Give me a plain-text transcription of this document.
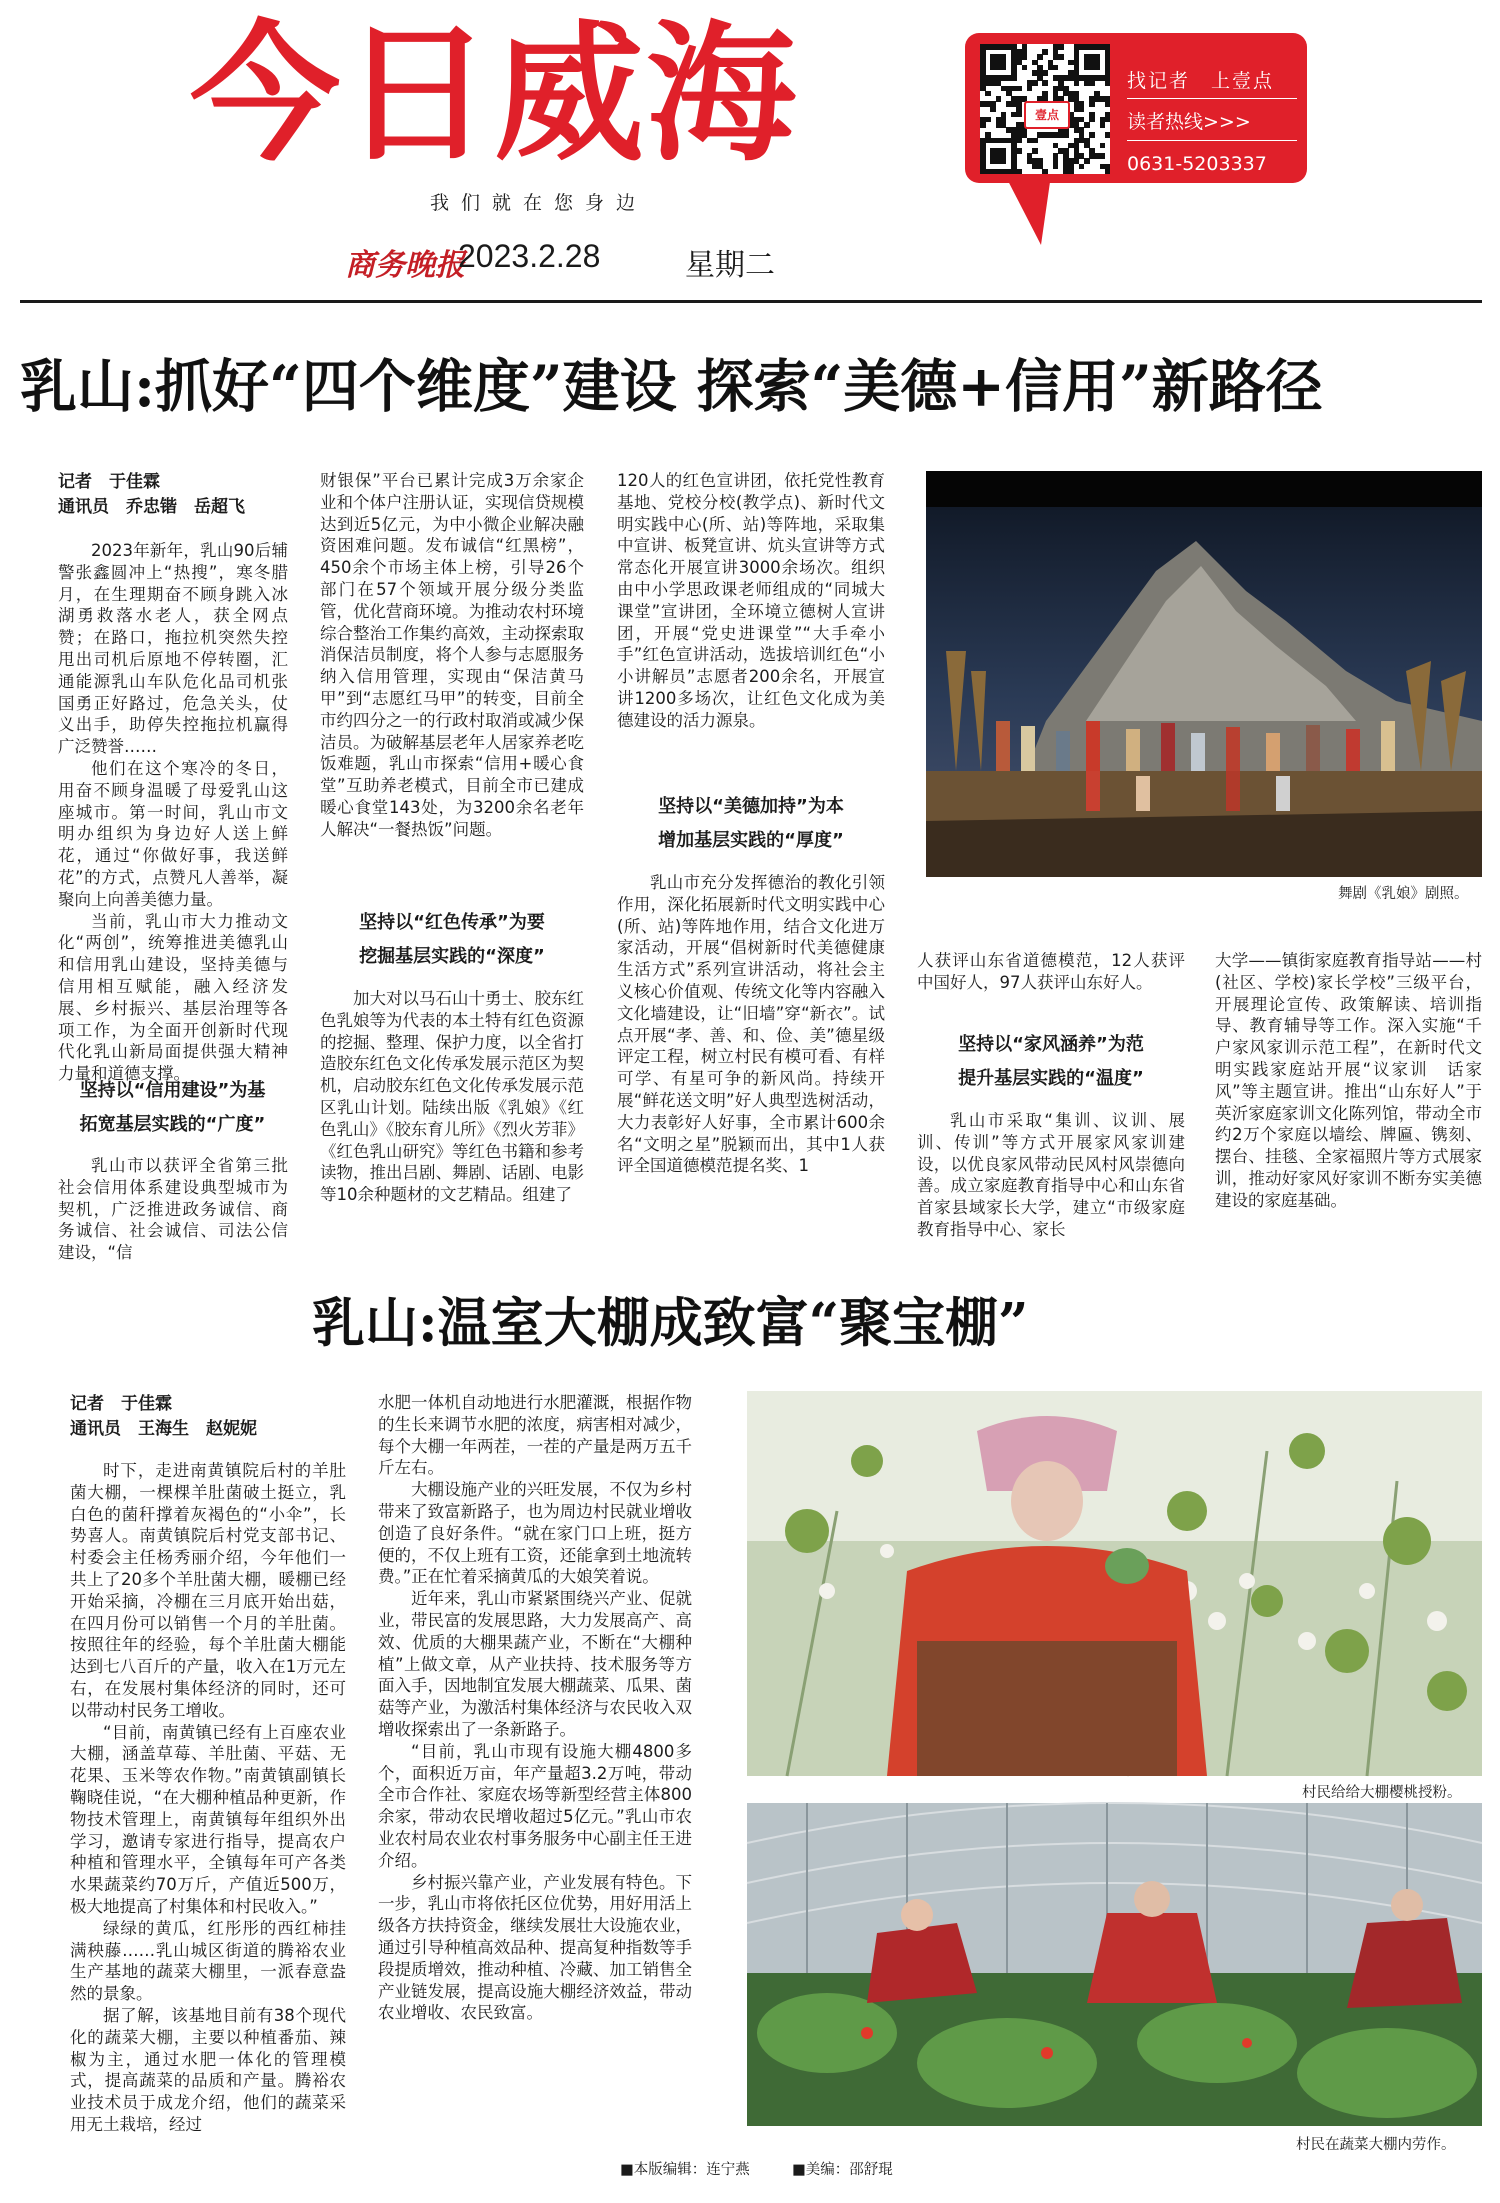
今日威海
我们就在您身边
商务晚报
2023.2.28	星期二
壹点
找记者　上壹点
读者热线>>>
0631-5203337
乳山:抓好“四个维度”建设 探索“美德+信用”新路径
记者　于佳霖
通讯员　乔忠锴　岳超飞

2023年新年，乳山90后辅警张鑫圆冲上“热搜”，寒冬腊月，在生理期奋不顾身跳入冰湖勇救落水老人，获全网点赞；在路口，拖拉机突然失控甩出司机后原地不停转圈，汇通能源乳山车队危化品司机张国勇正好路过，危急关头，仗义出手，助停失控拖拉机赢得广泛赞誉……

他们在这个寒冷的冬日，用奋不顾身温暖了母爱乳山这座城市。第一时间，乳山市文明办组织为身边好人送上鲜花，通过“你做好事，我送鲜花”的方式，点赞凡人善举，凝聚向上向善美德力量。

当前，乳山市大力推动文化“两创”，统筹推进美德乳山和信用乳山建设，坚持美德与信用相互赋能，融入经济发展、乡村振兴、基层治理等各项工作，为全面开创新时代现代化乳山新局面提供强大精神力量和道德支撑。

坚持以“信用建设”为基
拓宽基层实践的“广度”

乳山市以获评全省第三批社会信用体系建设典型城市为契机，广泛推进政务诚信、商务诚信、社会诚信、司法公信建设，“信

财银保”平台已累计完成3万余家企业和个体户注册认证，实现信贷规模达到近5亿元，为中小微企业解决融资困难问题。发布诚信“红黑榜”，450余个市场主体上榜，引导26个部门在57个领域开展分级分类监管，优化营商环境。为推动农村环境综合整治工作集约高效，主动探索取消保洁员制度，将个人参与志愿服务纳入信用管理，实现由“保洁黄马甲”到“志愿红马甲”的转变，目前全市约四分之一的行政村取消或减少保洁员。为破解基层老年人居家养老吃饭难题，乳山市探索“信用+暖心食堂”互助养老模式，目前全市已建成暖心食堂143处，为3200余名老年人解决“一餐热饭”问题。

坚持以“红色传承”为要
挖掘基层实践的“深度”

加大对以马石山十勇士、胶东红色乳娘等为代表的本土特有红色资源的挖掘、整理、保护力度，以全省打造胶东红色文化传承发展示范区为契机，启动胶东红色文化传承发展示范区乳山计划。陆续出版《乳娘》《红色乳山》《胶东育儿所》《烈火芳菲》《红色乳山研究》等红色书籍和参考读物，推出吕剧、舞剧、话剧、电影等10余种题材的文艺精品。组建了

120人的红色宣讲团，依托党性教育基地、党校分校(教学点)、新时代文明实践中心(所、站)等阵地，采取集中宣讲、板凳宣讲、炕头宣讲等方式常态化开展宣讲3000余场次。组织由中小学思政课老师组成的“同城大课堂”宣讲团，全环境立德树人宣讲团，开展“党史进课堂”“大手牵小手”红色宣讲活动，选拔培训红色“小小讲解员”志愿者200余名，开展宣讲1200多场次，让红色文化成为美德建设的活力源泉。

坚持以“美德加持”为本
增加基层实践的“厚度”

乳山市充分发挥德治的教化引领作用，深化拓展新时代文明实践中心(所、站)等阵地作用，结合文化进万家活动，开展“倡树新时代美德健康生活方式”系列宣讲活动，将社会主义核心价值观、传统文化等内容融入文化墙建设，让“旧墙”穿“新衣”。试点开展“孝、善、和、俭、美”德星级评定工程，树立村民有模可看、有样可学、有星可争的新风尚。持续开展“鲜花送文明”好人典型选树活动，大力表彰好人好事，全市累计600余名“文明之星”脱颖而出，其中1人获评全国道德模范提名奖、1

舞剧《乳娘》剧照。

人获评山东省道德模范，12人获评中国好人，97人获评山东好人。

坚持以“家风涵养”为范
提升基层实践的“温度”

乳山市采取“集训、议训、展训、传训”等方式开展家风家训建设，以优良家风带动民风村风崇德向善。成立家庭教育指导中心和山东省首家县域家长大学，建立“市级家庭教育指导中心、家长

大学——镇街家庭教育指导站——村(社区、学校)家长学校”三级平台，开展理论宣传、政策解读、培训指导、教育辅导等工作。深入实施“千户家风家训示范工程”，在新时代文明实践家庭站开展“议家训　话家风”等主题宣讲。推出“山东好人”于英沂家庭家训文化陈列馆，带动全市约2万个家庭以墙绘、牌匾、镌刻、摆台、挂毯、全家福照片等方式展家训，推动好家风好家训不断夯实美德建设的家庭基础。

乳山:温室大棚成致富“聚宝棚”
记者　于佳霖
通讯员　王海生　赵妮妮

时下，走进南黄镇院后村的羊肚菌大棚，一棵棵羊肚菌破土挺立，乳白色的菌秆撑着灰褐色的“小伞”，长势喜人。南黄镇院后村党支部书记、村委会主任杨秀丽介绍，今年他们一共上了20多个羊肚菌大棚，暖棚已经开始采摘，冷棚在三月底开始出菇，在四月份可以销售一个月的羊肚菌。按照往年的经验，每个羊肚菌大棚能达到七八百斤的产量，收入在1万元左右，在发展村集体经济的同时，还可以带动村民务工增收。

“目前，南黄镇已经有上百座农业大棚，涵盖草莓、羊肚菌、平菇、无花果、玉米等农作物。”南黄镇副镇长鞠晓佳说，“在大棚种植品种更新，作物技术管理上，南黄镇每年组织外出学习，邀请专家进行指导，提高农户种植和管理水平，全镇每年可产各类水果蔬菜约70万斤，产值近500万，极大地提高了村集体和村民收入。”

绿绿的黄瓜，红彤彤的西红柿挂满秧藤……乳山城区街道的腾裕农业生产基地的蔬菜大棚里，一派春意盎然的景象。

据了解，该基地目前有38个现代化的蔬菜大棚，主要以种植番茄、辣椒为主，通过水肥一体化的管理模式，提高蔬菜的品质和产量。腾裕农业技术员于成龙介绍，他们的蔬菜采用无土栽培，经过

水肥一体机自动地进行水肥灌溉，根据作物的生长来调节水肥的浓度，病害相对减少，每个大棚一年两茬，一茬的产量是两万五千斤左右。

大棚设施产业的兴旺发展，不仅为乡村带来了致富新路子，也为周边村民就业增收创造了良好条件。“就在家门口上班，挺方便的，不仅上班有工资，还能拿到土地流转费。”正在忙着采摘黄瓜的大娘笑着说。

近年来，乳山市紧紧围绕兴产业、促就业，带民富的发展思路，大力发展高产、高效、优质的大棚果蔬产业，不断在“大棚种植”上做文章，从产业扶持、技术服务等方面入手，因地制宜发展大棚蔬菜、瓜果、菌菇等产业，为激活村集体经济与农民收入双增收探索出了一条新路子。

“目前，乳山市现有设施大棚4800多个，面积近万亩，年产量超3.2万吨，带动全市合作社、家庭农场等新型经营主体800余家，带动农民增收超过5亿元。”乳山市农业农村局农业农村事务服务中心副主任王进介绍。

乡村振兴靠产业，产业发展有特色。下一步，乳山市将依托区位优势，用好用活上级各方扶持资金，继续发展壮大设施农业，通过引导种植高效品种、提高复种指数等手段提质增效，推动种植、冷藏、加工销售全产业链发展，提高设施大棚经济效益，带动农业增收、农民致富。

村民给给大棚樱桃授粉。
村民在蔬菜大棚内劳作。
■本版编辑：连宁燕	■美编：邵舒琨
